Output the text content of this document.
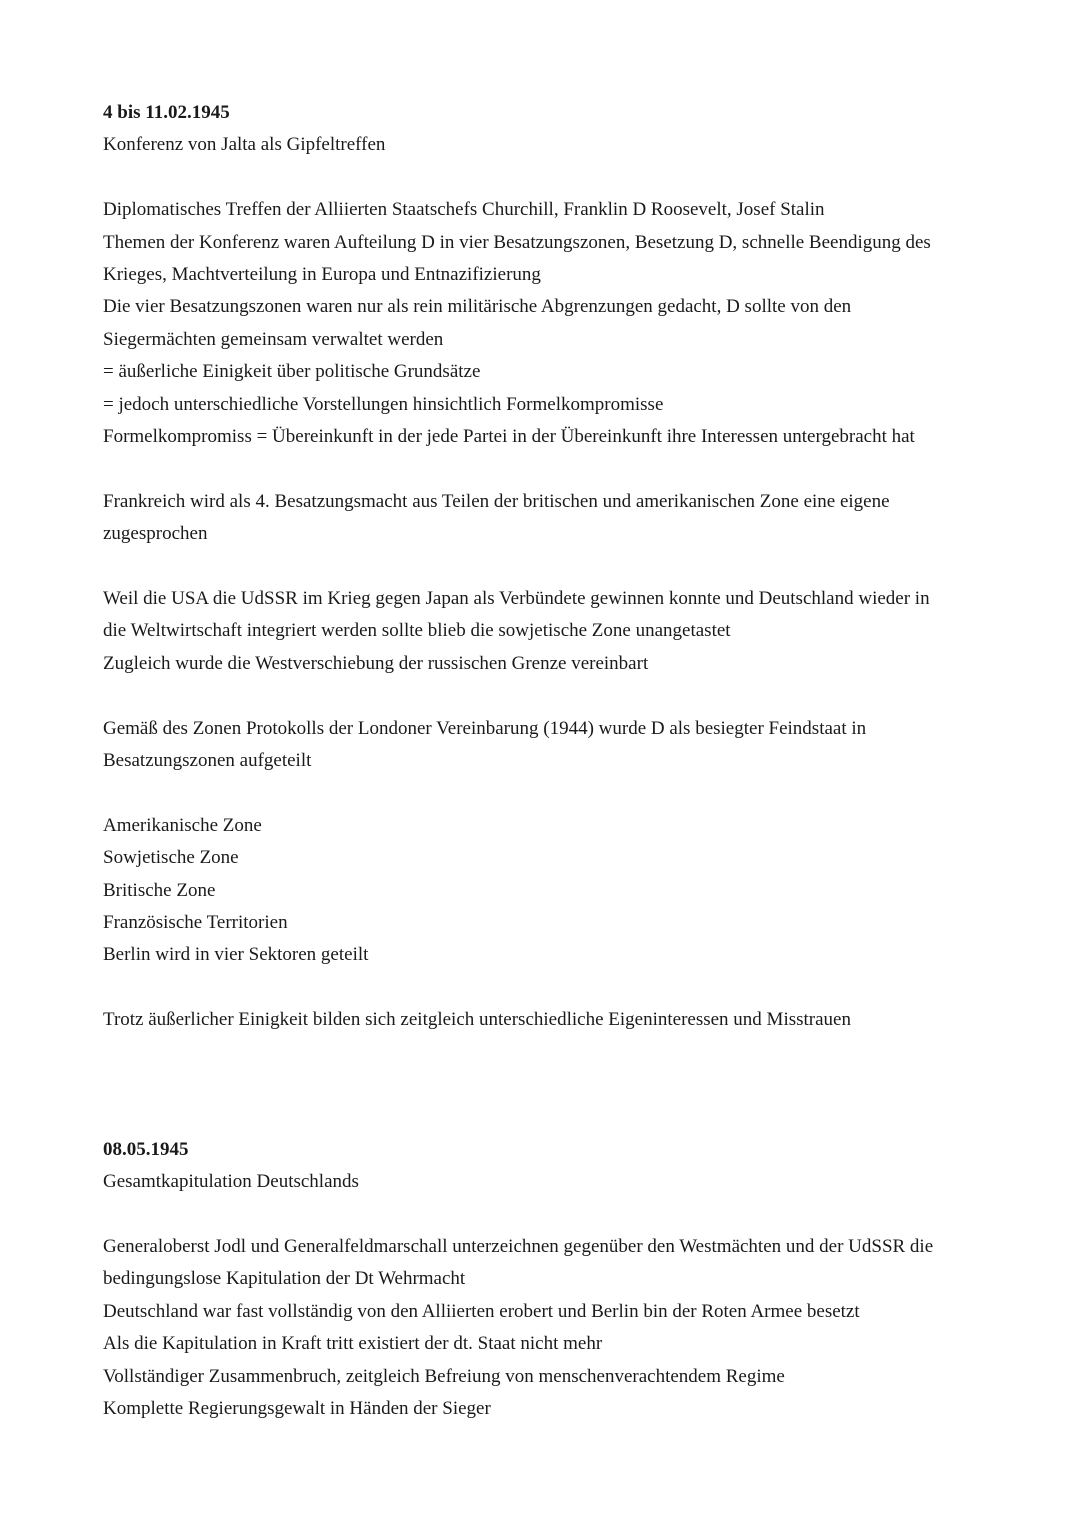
4 bis 11.02.1945
Konferenz von Jalta als Gipfeltreffen
Diplomatisches Treffen der Alliierten Staatschefs Churchill, Franklin D Roosevelt, Josef Stalin
Themen der Konferenz waren Aufteilung D in vier Besatzungszonen, Besetzung D, schnelle Beendigung des
Krieges, Machtverteilung in Europa und Entnazifizierung
Die vier Besatzungszonen waren nur als rein militärische Abgrenzungen gedacht, D sollte von den
Siegermächten gemeinsam verwaltet werden
= äußerliche Einigkeit über politische Grundsätze
= jedoch unterschiedliche Vorstellungen hinsichtlich Formelkompromisse
Formelkompromiss = Übereinkunft in der jede Partei in der Übereinkunft ihre Interessen untergebracht hat
Frankreich wird als 4. Besatzungsmacht aus Teilen der britischen und amerikanischen Zone eine eigene
zugesprochen
Weil die USA die UdSSR im Krieg gegen Japan als Verbündete gewinnen konnte und Deutschland wieder in
die Weltwirtschaft integriert werden sollte blieb die sowjetische Zone unangetastet
Zugleich wurde die Westverschiebung der russischen Grenze vereinbart
Gemäß des Zonen Protokolls der Londoner Vereinbarung (1944) wurde D als besiegter Feindstaat in
Besatzungszonen aufgeteilt
Amerikanische Zone
Sowjetische Zone
Britische Zone
Französische Territorien
Berlin wird in vier Sektoren geteilt
Trotz äußerlicher Einigkeit bilden sich zeitgleich unterschiedliche Eigeninteressen und Misstrauen
08.05.1945
Gesamtkapitulation Deutschlands
Generaloberst Jodl und Generalfeldmarschall unterzeichnen gegenüber den Westmächten und der UdSSR die
bedingungslose Kapitulation der Dt Wehrmacht
Deutschland war fast vollständig von den Alliierten erobert und Berlin bin der Roten Armee besetzt
Als die Kapitulation in Kraft tritt existiert der dt. Staat nicht mehr
Vollständiger Zusammenbruch, zeitgleich Befreiung von menschenverachtendem Regime
Komplette Regierungsgewalt in Händen der Sieger
